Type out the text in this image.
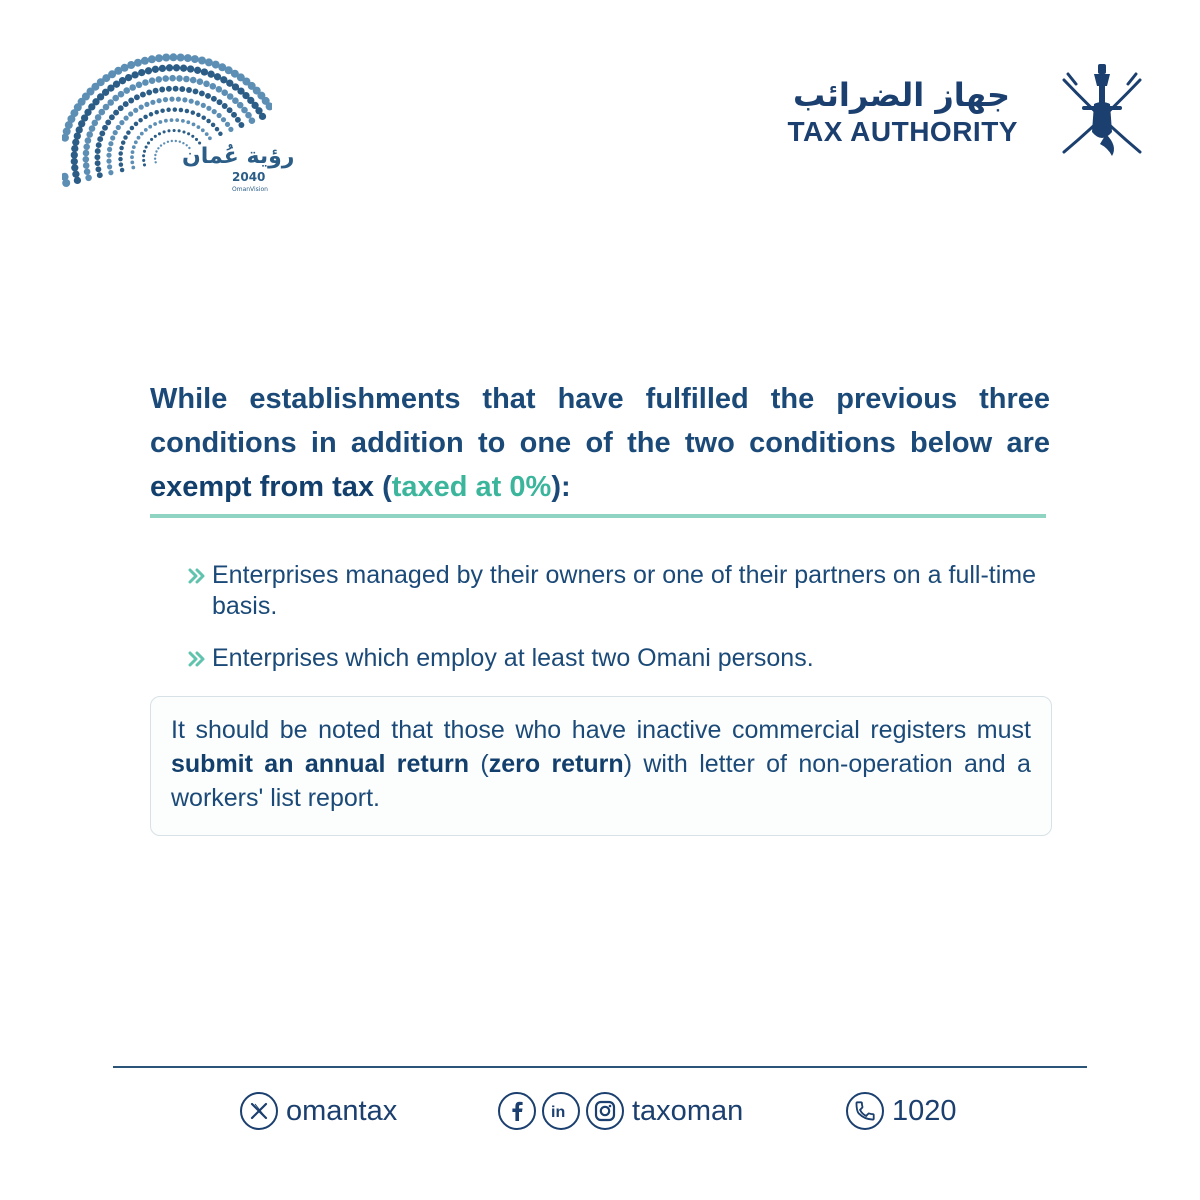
رؤية عُمان
2040
OmanVision
جهاز الضرائب
TAX AUTHORITY

While establishments that have fulfilled the previous three conditions in addition to one of the two conditions below are exempt from tax (taxed at 0%):

Enterprises managed by their owners or one of their partners on a full-time basis.
Enterprises which employ at least two Omani persons.
It should be noted that those who have inactive commercial registers must submit an annual return (zero return) with letter of non-operation and a workers' list report.
omantax	in taxoman	1020
